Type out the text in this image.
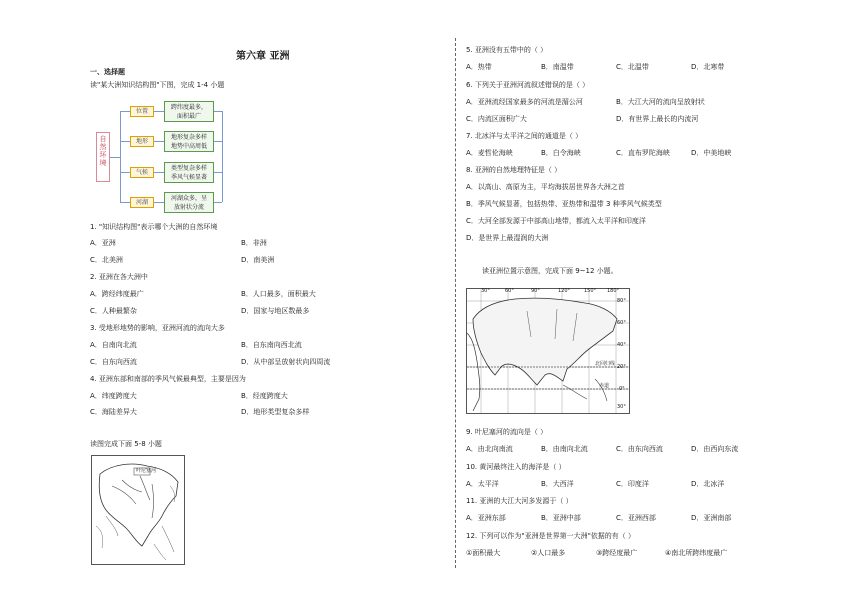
第六章 亚洲
一、选择题
读"某大洲知识结构图"下图，完成 1-4 小题
自然环境
位置
跨纬度最多，
面积最广
地形
地形复杂多样
地势中高周低
气候
类型复杂多样
季风气候显著
河湖
河湖众多，呈
放射状分流
1. "知识结构图"表示哪个大洲的自然环境
A．亚洲	B．非洲
C．北美洲	D．南美洲
2. 亚洲在各大洲中
A．跨经纬度最广	B．人口最多，面积最大
C．人种最繁杂	D．国家与地区数最多
3. 受地形地势的影响，亚洲河流的流向大多
A．自南向北流	B．自东南向西北流
C．自东向西流	D．从中部呈放射状向四周流
4. 亚洲东部和南部的季风气候最典型，主要是因为
A．纬度跨度大	B．经度跨度大
C．海陆差异大	D．地形类型复杂多样
读图完成下面 5-8 小题
叶尼塞河
5. 亚洲没有五带中的（ ）
A．热带	B．南温带	C．北温带	D．北寒带
6. 下列关于亚洲河流叙述错误的是（ ）
A．亚洲流经国家最多的河流是湄公河	B．大江大河的流向呈放射状
C．内流区面积广大	D．有世界上最长的内流河
7. 北冰洋与太平洋之间的通道是（ ）
A．麦哲伦海峡	B．白令海峡	C．直布罗陀海峡	D．中美地峡
8. 亚洲的自然地理特征是（ ）
A．以高山、高原为主，平均海拔居世界各大洲之首
B．季风气候显著，包括热带、亚热带和温带 3 种季风气候类型
C．大河全部发源于中部高山地带，都流入太平洋和印度洋
D．是世界上最湿润的大洲
读亚洲位置示意图，完成下面 9~12 小题。
30°	60°	90°	120°	150° 180°
80°
60°
40°
20°
0°
北回归线
赤道
30°
9. 叶尼塞河的流向是（ ）
A．由北向南流	B．由南向北流	C．由东向西流	D．由西向东流
10. 黄河最终注入的海洋是（ ）
A．太平洋	B．大西洋	C．印度洋	D．北冰洋
11. 亚洲的大江大河多发源于（ ）
A．亚洲东部	B．亚洲中部	C．亚洲西部	D．亚洲南部
12. 下列可以作为"亚洲是世界第一大洲"依据的有（ ）
①面积最大	②人口最多	③跨经度最广	④南北所跨纬度最广
